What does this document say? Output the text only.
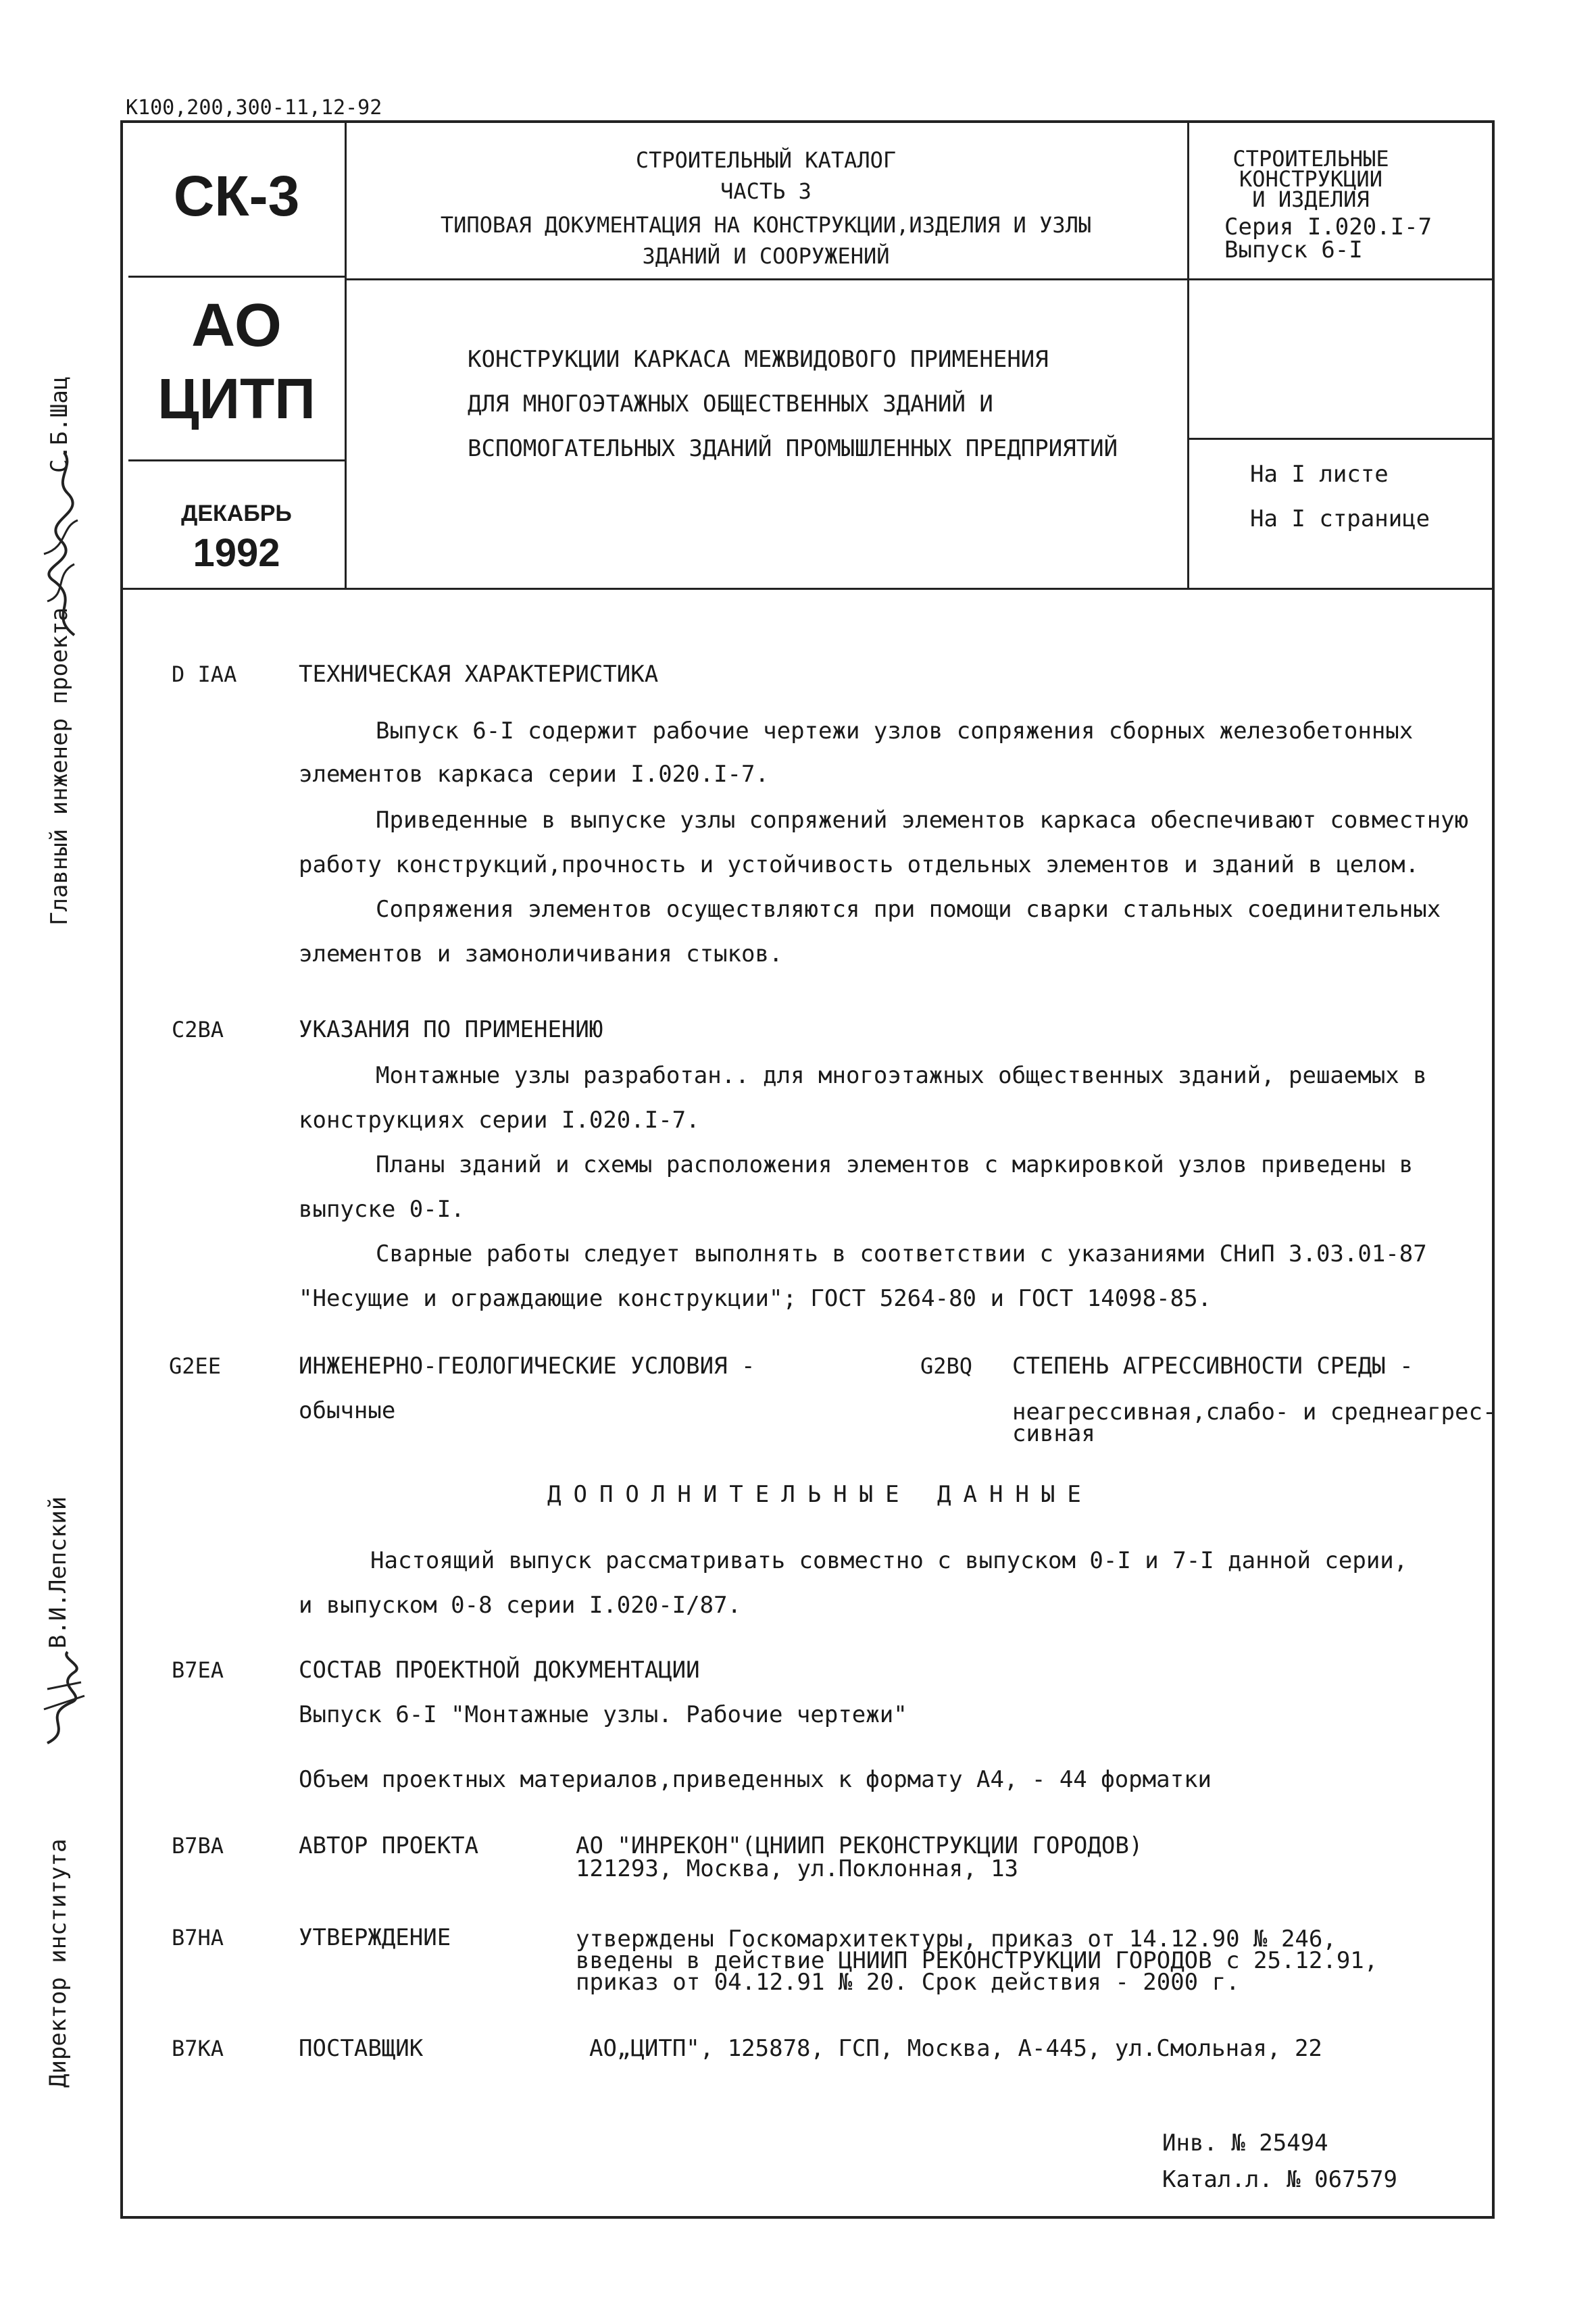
К100,200,300-11,12-92
СК-3
АО
ЦИТП
ДЕКАБРЬ
1992
СТРОИТЕЛЬНЫЙ КАТАЛОГ
ЧАСТЬ 3
ТИПОВАЯ ДОКУМЕНТАЦИЯ НА КОНСТРУКЦИИ,ИЗДЕЛИЯ И УЗЛЫ
ЗДАНИЙ И СООРУЖЕНИЙ
СТРОИТЕЛЬНЫЕ
КОНСТРУКЦИИ
И ИЗДЕЛИЯ
Серия I.020.I-7
Выпуск 6-I
КОНСТРУКЦИИ КАРКАСА МЕЖВИДОВОГО ПРИМЕНЕНИЯ
ДЛЯ МНОГОЭТАЖНЫХ ОБЩЕСТВЕННЫХ ЗДАНИЙ И
ВСПОМОГАТЕЛЬНЫХ ЗДАНИЙ ПРОМЫШЛЕННЫХ ПРЕДПРИЯТИЙ
На I листе
На I странице
Главный инженер проекта
С.Б.Шац
Директор института
В.И.Лепский
D IAA	ТЕХНИЧЕСКАЯ ХАРАКТЕРИСТИКА
Выпуск 6-I содержит рабочие чертежи узлов сопряжения сборных железобетонных
элементов каркаса серии I.020.I-7.
Приведенные в выпуске узлы сопряжений элементов каркаса обеспечивают совместную
работу конструкций,прочность и устойчивость отдельных элементов и зданий в целом.
Сопряжения элементов осуществляются при помощи сварки стальных соединительных
элементов и замоноличивания стыков.
C2BA	УКАЗАНИЯ ПО ПРИМЕНЕНИЮ
Монтажные узлы разработан.. для многоэтажных общественных зданий, решаемых в
конструкциях серии I.020.I-7.
Планы зданий и схемы расположения элементов с маркировкой узлов приведены в
выпуске 0-I.
Сварные работы следует выполнять в соответствии с указаниями СНиП 3.03.01-87
"Несущие и ограждающие конструкции"; ГОСТ 5264-80 и ГОСТ 14098-85.
G2EE	ИНЖЕНЕРНО-ГЕОЛОГИЧЕСКИЕ УСЛОВИЯ -
обычные
G2BQ СТЕПЕНЬ АГРЕССИВНОСТИ СРЕДЫ -
неагрессивная,слабо- и среднеагрес-
сивная
ДОПОЛНИТЕЛЬНЫЕ ДАННЫЕ
Настоящий выпуск рассматривать совместно с выпуском 0-I и 7-I данной серии,
и выпуском 0-8 серии I.020-I/87.
B7EA	СОСТАВ ПРОЕКТНОЙ ДОКУМЕНТАЦИИ
Выпуск 6-I "Монтажные узлы. Рабочие чертежи"
Объем проектных материалов,приведенных к формату А4, - 44 форматки
B7BA	АВТОР ПРОЕКТА	АО "ИНРЕКОН"(ЦНИИП РЕКОНСТРУКЦИИ ГОРОДОВ)
121293, Москва, ул.Поклонная, 13
B7HA	УТВЕРЖДЕНИЕ	утверждены Госкомархитектуры, приказ от 14.12.90 № 246,
введены в действие ЦНИИП РЕКОНСТРУКЦИИ ГОРОДОВ с 25.12.91,
приказ от 04.12.91 № 20. Срок действия - 2000 г.
B7KA	ПОСТАВЩИК	АО„ЦИТП", 125878, ГСП, Москва, А-445, ул.Смольная, 22
Инв. № 25494
Катал.л. № 067579
